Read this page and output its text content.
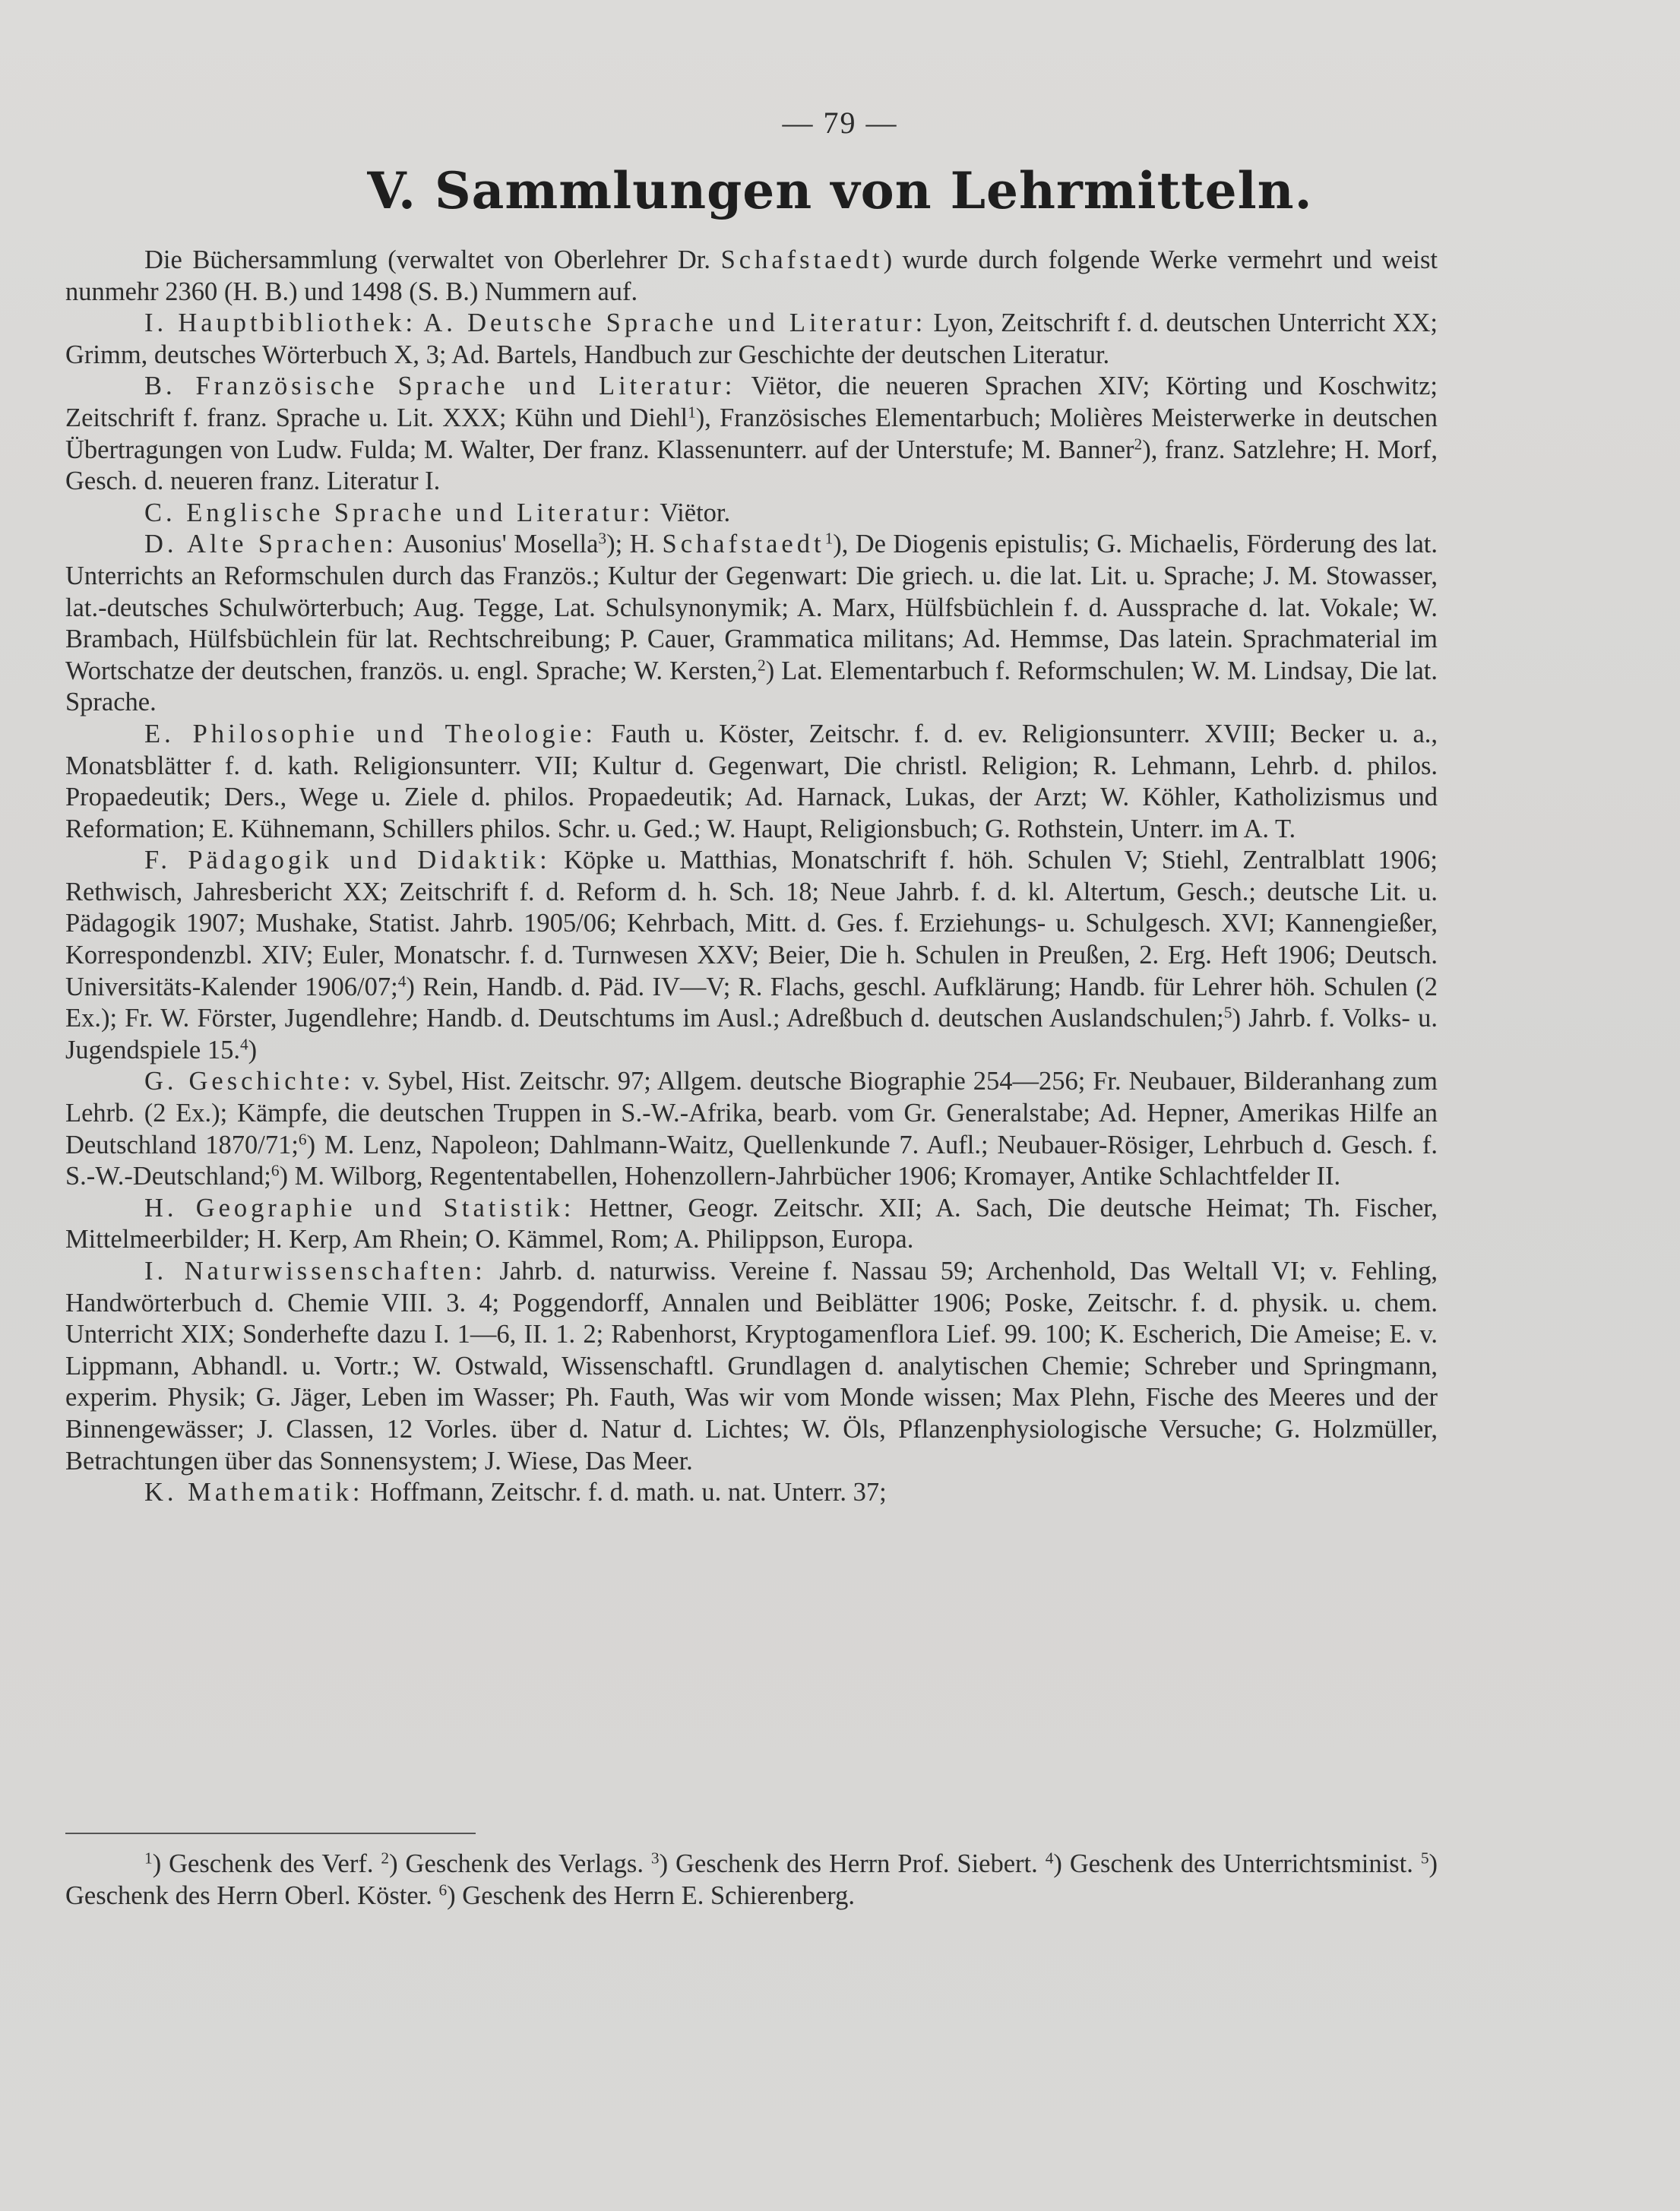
— 79 —
V. Sammlungen von Lehrmitteln.

Die Büchersammlung (verwaltet von Oberlehrer Dr. Schafstaedt) wurde durch folgende Werke vermehrt und weist nunmehr 2360 (H. B.) und 1498 (S. B.) Nummern auf.

I. Hauptbibliothek: A. Deutsche Sprache und Literatur: Lyon, Zeitschrift f. d. deutschen Unterricht XX; Grimm, deutsches Wörterbuch X, 3; Ad. Bartels, Handbuch zur Geschichte der deutschen Literatur.

B. Französische Sprache und Literatur: Viëtor, die neueren Sprachen XIV; Körting und Koschwitz; Zeitschrift f. franz. Sprache u. Lit. XXX; Kühn und Diehl$^1$), Französisches Elementarbuch; Molières Meisterwerke in deutschen Übertragungen von Ludw. Fulda; M. Walter, Der franz. Klassenunterr. auf der Unterstufe; M. Banner$^2$), franz. Satzlehre; H. Morf, Gesch. d. neueren franz. Literatur I.

C. Englische Sprache und Literatur: Viëtor.

D. Alte Sprachen: Ausonius' Mosella$^3$); H. Schafstaedt$^1$), De Diogenis epistulis; G. Michaelis, Förderung des lat. Unterrichts an Reformschulen durch das Französ.; Kultur der Gegenwart: Die griech. u. die lat. Lit. u. Sprache; J. M. Stowasser, lat.-deutsches Schulwörterbuch; Aug. Tegge, Lat. Schulsynonymik; A. Marx, Hülfsbüchlein f. d. Aussprache d. lat. Vokale; W. Brambach, Hülfsbüchlein für lat. Rechtschreibung; P. Cauer, Grammatica militans; Ad. Hemmse, Das latein. Sprachmaterial im Wortschatze der deutschen, französ. u. engl. Sprache; W. Kersten,$^2$) Lat. Elementarbuch f. Reformschulen; W. M. Lindsay, Die lat. Sprache.

E. Philosophie und Theologie: Fauth u. Köster, Zeitschr. f. d. ev. Religionsunterr. XVIII; Becker u. a., Monatsblätter f. d. kath. Religionsunterr. VII; Kultur d. Gegenwart, Die christl. Religion; R. Lehmann, Lehrb. d. philos. Propaedeutik; Ders., Wege u. Ziele d. philos. Propaedeutik; Ad. Harnack, Lukas, der Arzt; W. Köhler, Katholizismus und Reformation; E. Kühnemann, Schillers philos. Schr. u. Ged.; W. Haupt, Religionsbuch; G. Rothstein, Unterr. im A. T.

F. Pädagogik und Didaktik: Köpke u. Matthias, Monatschrift f. höh. Schulen V; Stiehl, Zentralblatt 1906; Rethwisch, Jahresbericht XX; Zeitschrift f. d. Reform d. h. Sch. 18; Neue Jahrb. f. d. kl. Altertum, Gesch.; deutsche Lit. u. Pädagogik 1907; Mushake, Statist. Jahrb. 1905/06; Kehrbach, Mitt. d. Ges. f. Erziehungs- u. Schulgesch. XVI; Kannengießer, Korrespondenzbl. XIV; Euler, Monatschr. f. d. Turnwesen XXV; Beier, Die h. Schulen in Preußen, 2. Erg. Heft 1906; Deutsch. Universitäts-Kalender 1906/07;$^4$) Rein, Handb. d. Päd. IV—V; R. Flachs, geschl. Aufklärung; Handb. für Lehrer höh. Schulen (2 Ex.); Fr. W. Förster, Jugendlehre; Handb. d. Deutschtums im Ausl.; Adreßbuch d. deutschen Auslandschulen;$^5$) Jahrb. f. Volks- u. Jugendspiele 15.$^4$)

G. Geschichte: v. Sybel, Hist. Zeitschr. 97; Allgem. deutsche Biographie 254—256; Fr. Neubauer, Bilderanhang zum Lehrb. (2 Ex.); Kämpfe, die deutschen Truppen in S.-W.-Afrika, bearb. vom Gr. Generalstabe; Ad. Hepner, Amerikas Hilfe an Deutschland 1870/71;$^6$) M. Lenz, Napoleon; Dahlmann-Waitz, Quellenkunde 7. Aufl.; Neubauer-Rösiger, Lehrbuch d. Gesch. f. S.-W.-Deutschland;$^6$) M. Wilborg, Regententabellen, Hohenzollern-Jahrbücher 1906; Kromayer, Antike Schlachtfelder II.

H. Geographie und Statistik: Hettner, Geogr. Zeitschr. XII; A. Sach, Die deutsche Heimat; Th. Fischer, Mittelmeerbilder; H. Kerp, Am Rhein; O. Kämmel, Rom; A. Philippson, Europa.

I. Naturwissenschaften: Jahrb. d. naturwiss. Vereine f. Nassau 59; Archenhold, Das Weltall VI; v. Fehling, Handwörterbuch d. Chemie VIII. 3. 4; Poggendorff, Annalen und Beiblätter 1906; Poske, Zeitschr. f. d. physik. u. chem. Unterricht XIX; Sonderhefte dazu I. 1—6, II. 1. 2; Rabenhorst, Kryptogamenflora Lief. 99. 100; K. Escherich, Die Ameise; E. v. Lippmann, Abhandl. u. Vortr.; W. Ostwald, Wissenschaftl. Grundlagen d. analytischen Chemie; Schreber und Springmann, experim. Physik; G. Jäger, Leben im Wasser; Ph. Fauth, Was wir vom Monde wissen; Max Plehn, Fische des Meeres und der Binnengewässer; J. Classen, 12 Vorles. über d. Natur d. Lichtes; W. Öls, Pflanzenphysiologische Versuche; G. Holzmüller, Betrachtungen über das Sonnensystem; J. Wiese, Das Meer.

K. Mathematik: Hoffmann, Zeitschr. f. d. math. u. nat. Unterr. 37;

$^1$) Geschenk des Verf. $^2$) Geschenk des Verlags. $^3$) Geschenk des Herrn Prof. Siebert. $^4$) Geschenk des Unterrichtsminist. $^5$) Geschenk des Herrn Oberl. Köster. $^6$) Geschenk des Herrn E. Schierenberg.
